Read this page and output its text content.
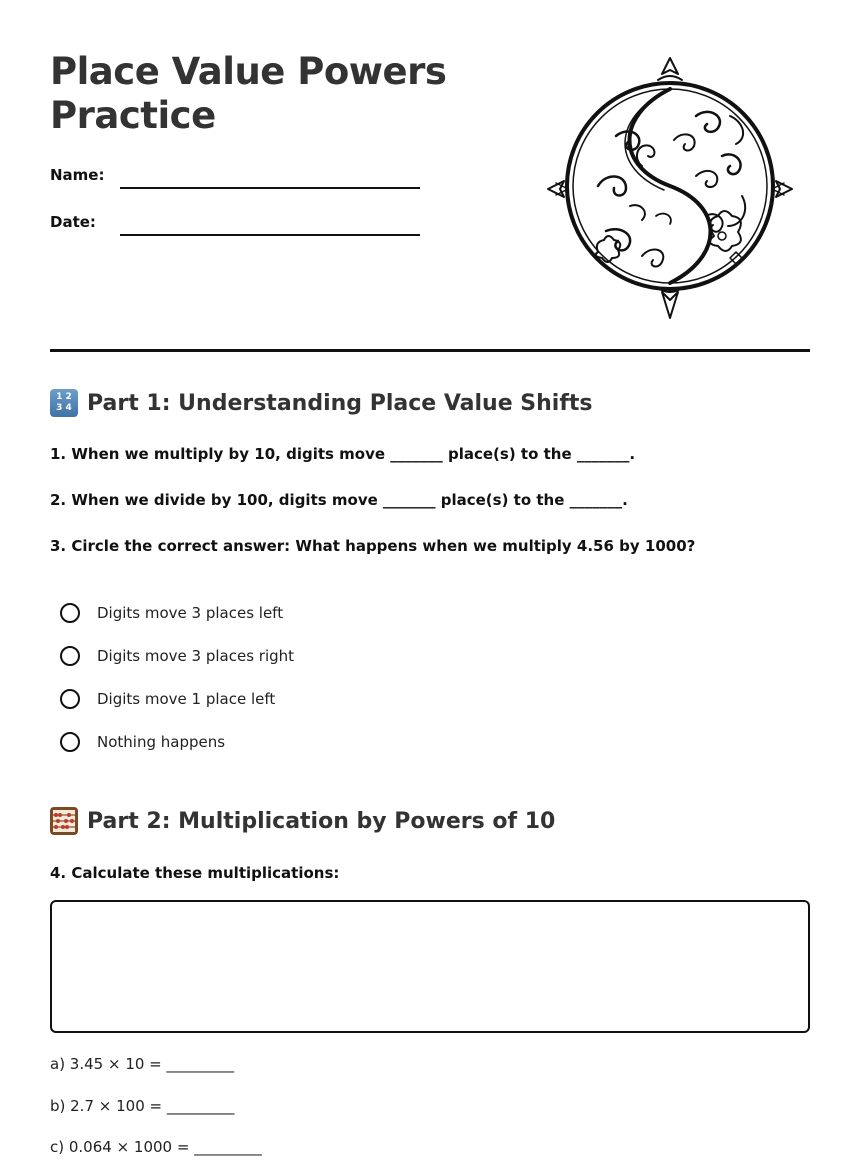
Place Value Powers
Practice
Name:
Date:
1 2
3 4 Part 1: Understanding Place Value Shifts

1. When we multiply by 10, digits move _______ place(s) to the _______.

2. When we divide by 100, digits move _______ place(s) to the _______.

3. Circle the correct answer: What happens when we multiply 4.56 by 1000?

Digits move 3 places left
Digits move 3 places right
Digits move 1 place left
Nothing happens
Part 2: Multiplication by Powers of 10

4. Calculate these multiplications:

a) 3.45 × 10 = _________

b) 2.7 × 100 = _________

c) 0.064 × 1000 = _________
